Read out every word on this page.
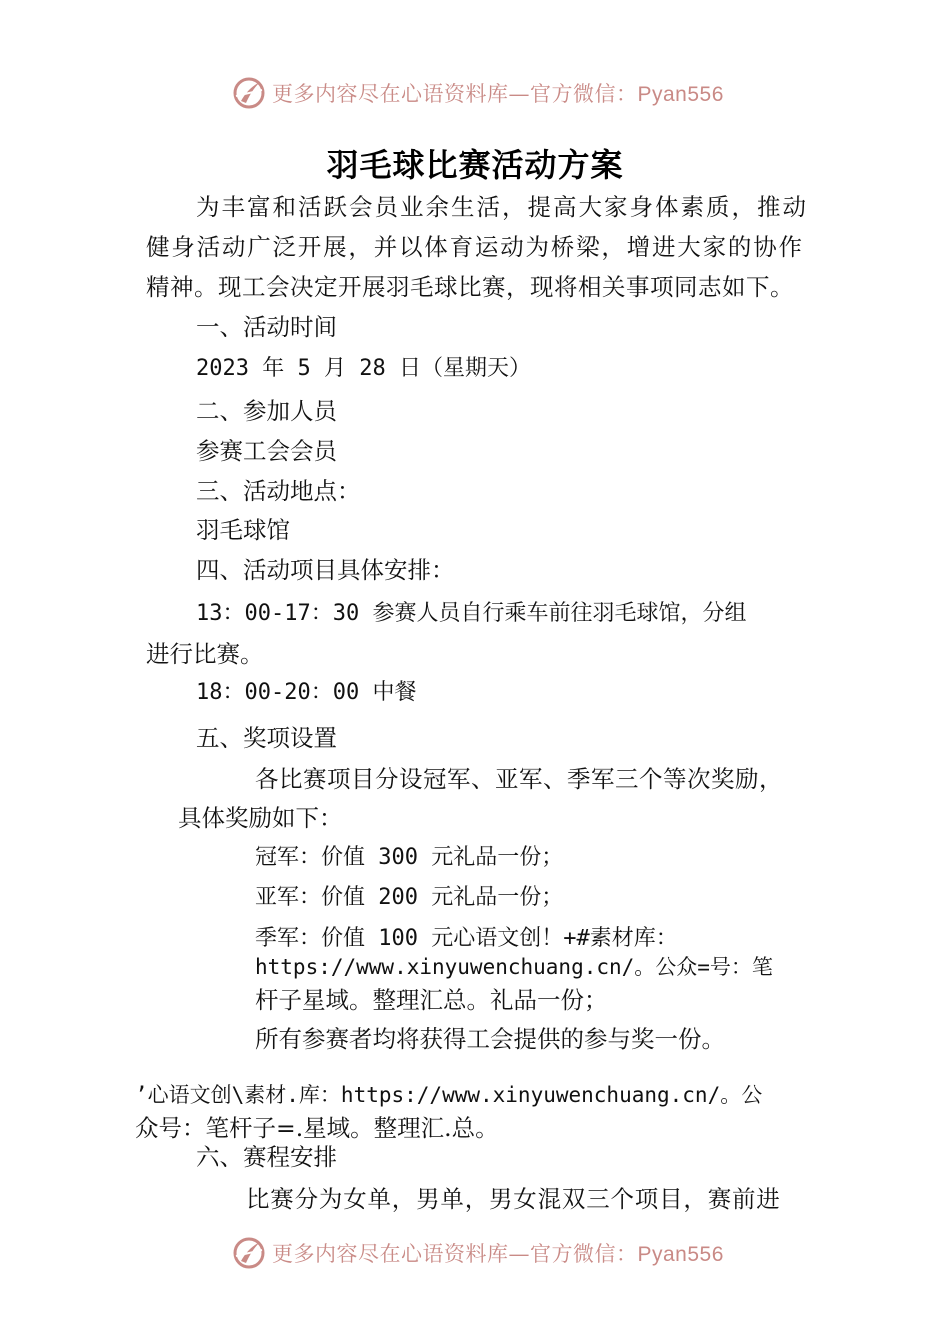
更多内容尽在心语资料库—官方微信：Pyan556
羽毛球比赛活动方案
为丰富和活跃会员业余生活，提高大家身体素质，推动
健身活动广泛开展，并以体育运动为桥梁，增进大家的协作
精神。现工会决定开展羽毛球比赛，现将相关事项同志如下。
一、活动时间
2023 年 5 月 28 日（星期天）
二、参加人员
参赛工会会员
三、活动地点：
羽毛球馆
四、活动项目具体安排：
13：00-17：30 参赛人员自行乘车前往羽毛球馆，分组
进行比赛。
18：00-20：00 中餐
五、奖项设置
各比赛项目分设冠军、亚军、季军三个等次奖励，
具体奖励如下：
冠军：价值 300 元礼品一份；
亚军：价值 200 元礼品一份；
季军：价值 100 元心语文创！+#素材库：
https://www.xinyuwenchuang.cn/。公众=号：笔
杆子星域。整理汇总。礼品一份；
所有参赛者均将获得工会提供的参与奖一份。
’心语文创\素材.库：https://www.xinyuwenchuang.cn/。公
众号：笔杆子=.星域。整理汇.总。
六、赛程安排
比赛分为女单，男单，男女混双三个项目，赛前进
更多内容尽在心语资料库—官方微信：Pyan556
